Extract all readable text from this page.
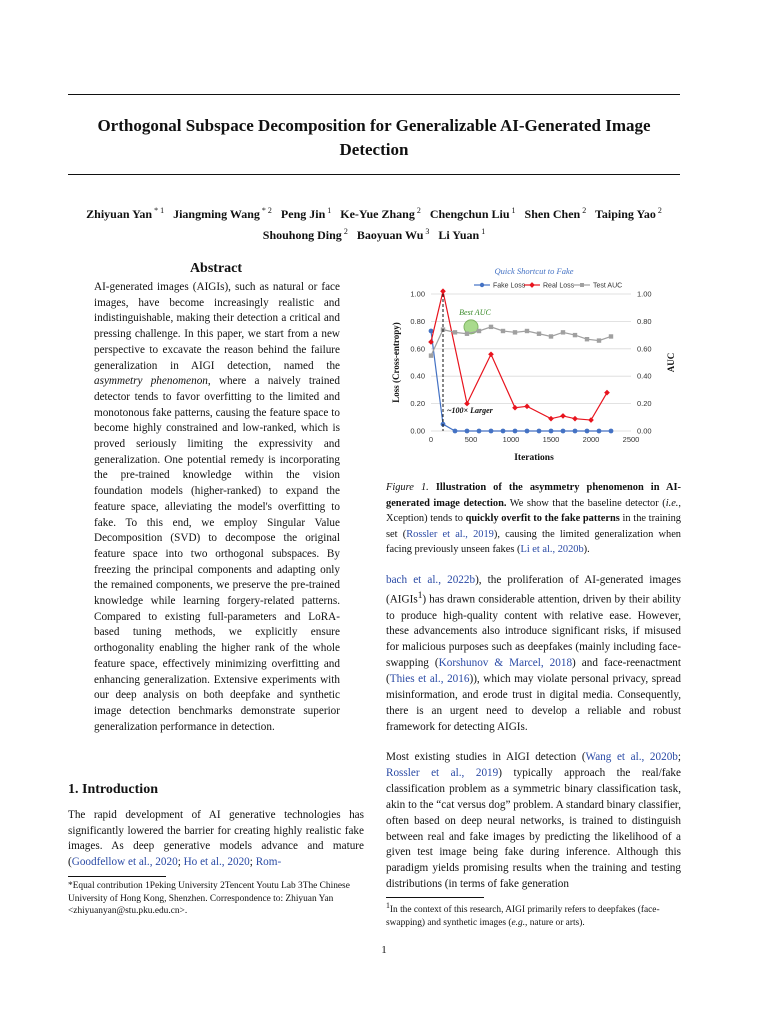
Orthogonal Subspace Decomposition for Generalizable AI-Generated Image Detection
Zhiyuan Yan $^{* 1}$ Jiangming Wang $^{* 2}$ Peng Jin $^1$ Ke-Yue Zhang $^2$ Chengchun Liu $^1$ Shen Chen $^2$ Taiping Yao $^2$
Shouhong Ding $^2$ Baoyuan Wu $^3$ Li Yuan $^1$
Abstract
AI-generated images (AIGIs), such as natural or face images, have become increasingly realistic and indistinguishable, making their detection a critical and pressing challenge. In this paper, we start from a new perspective to excavate the reason behind the failure generalization in AIGI detection, named the asymmetry phenomenon, where a naively trained detector tends to favor overfitting to the limited and monotonous fake patterns, causing the feature space to become highly constrained and low-ranked, which is proved seriously limiting the expressivity and generalization. One potential remedy is incorporating the pre-trained knowledge within the vision foundation models (higher-ranked) to expand the feature space, alleviating the model's overfitting to fake. To this end, we employ Singular Value Decomposition (SVD) to decompose the original feature space into two orthogonal subspaces. By freezing the principal components and adapting only the remained components, we preserve the pre-trained knowledge while learning forgery-related patterns. Compared to existing full-parameters and LoRA-based tuning methods, we explicitly ensure orthogonality enabling the higher rank of the whole feature space, effectively minimizing overfitting and enhancing generalization. Extensive experiments with our deep analysis on both deepfake and synthetic image detection benchmarks demonstrate superior generalization performance in detection.
1. Introduction
The rapid development of AI generative technologies has significantly lowered the barrier for creating highly realistic fake images. As deep generative models advance and mature (Goodfellow et al., 2020; Ho et al., 2020; Rom-
*Equal contribution 1Peking University 2Tencent Youtu Lab 3The Chinese University of Hong Kong, Shenzhen. Correspondence to: Zhiyuan Yan <zhiyuanyan@stu.pku.edu.cn>.
0.00
0.20
0.40
0.60
0.80
1.00
0.00
0.20
0.40
0.60
0.80
1.00
0	500	1000	1500	2000	2500
Quick Shortcut to Fake
Iterations
Loss (Cross-entropy)	AUC
Fake Loss	Real Loss	Test AUC
Best AUC
~100× Larger
Figure 1. Illustration of the asymmetry phenomenon in AI-generated image detection. We show that the baseline detector (i.e., Xception) tends to quickly overfit to the fake patterns in the training set (Rossler et al., 2019), causing the limited generalization when facing previously unseen fakes (Li et al., 2020b).
bach et al., 2022b), the proliferation of AI-generated images (AIGIs$^1$) has drawn considerable attention, driven by their ability to produce high-quality content with relative ease. However, these advancements also introduce significant risks, if misused for malicious purposes such as deepfakes (mainly including face-swapping (Korshunov & Marcel, 2018) and face-reenactment (Thies et al., 2016)), which may violate personal privacy, spread misinformation, and erode trust in digital media. Consequently, there is an urgent need to develop a reliable and robust framework for detecting AIGIs.
Most existing studies in AIGI detection (Wang et al., 2020b; Rossler et al., 2019) typically approach the real/fake classification problem as a symmetric binary classification task, akin to the “cat versus dog” problem. A standard binary classifier, often based on deep neural networks, is trained to distinguish between real and fake images by predicting the likelihood of a given test image being fake during inference. Although this paradigm yields promising results when the training and testing distributions (in terms of fake generation
$^1$In the context of this research, AIGI primarily refers to deepfakes (face-swapping) and synthetic images (e.g., nature or arts).
1
